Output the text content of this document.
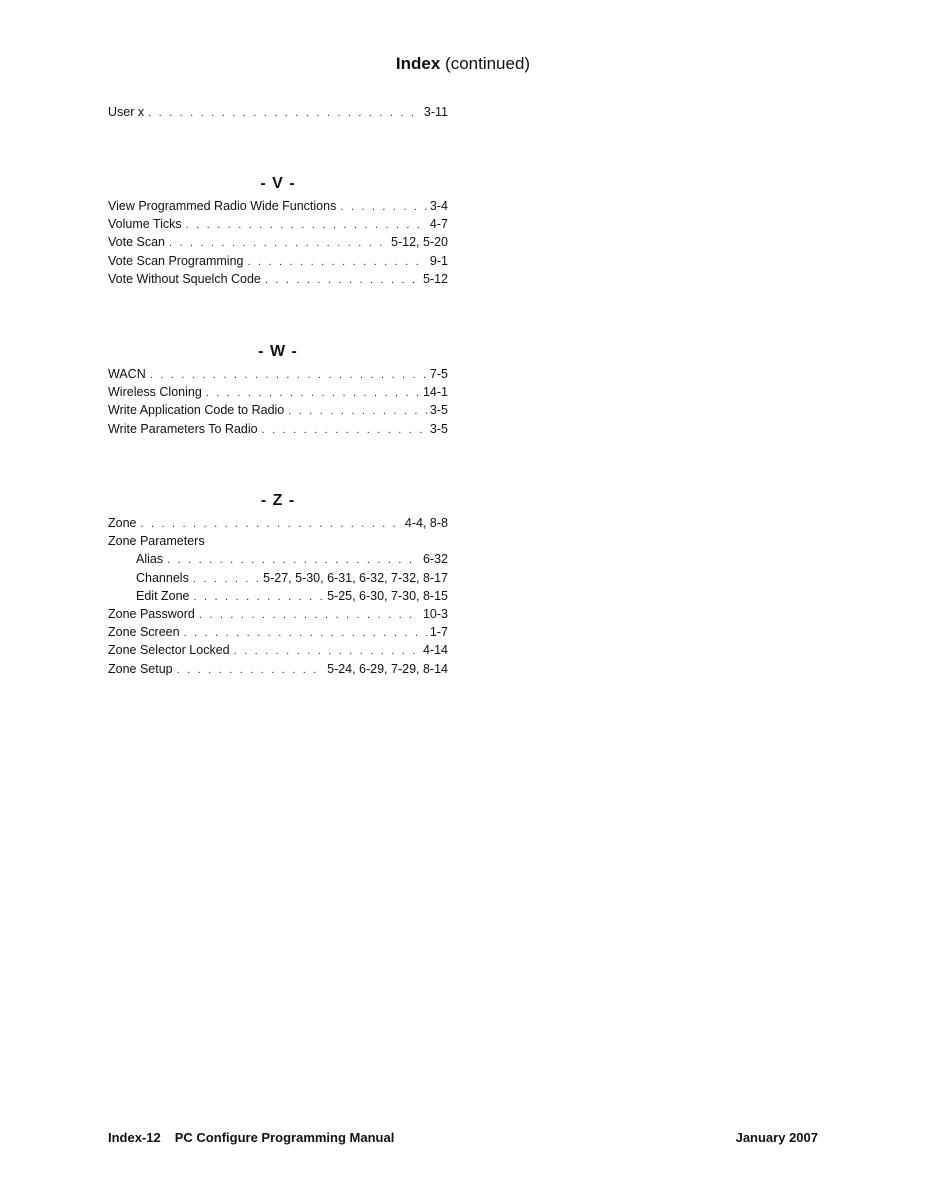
Index (continued)
User x . . .	3-11
- V -
View Programmed Radio Wide Functions . . .	3-4
Volume Ticks . . .	4-7
Vote Scan . . .	5-12, 5-20
Vote Scan Programming . . .	9-1
Vote Without Squelch Code . . .	5-12
- W -
WACN . . .	7-5
Wireless Cloning . . .	14-1
Write Application Code to Radio . . .	3-5
Write Parameters To Radio . . .	3-5
- Z -
Zone . . .	4-4, 8-8
Zone Parameters
Alias . . .	6-32
Channels . . .	5-27, 5-30, 6-31, 6-32, 7-32, 8-17
Edit Zone . . .	5-25, 6-30, 7-30, 8-15
Zone Password . . .	10-3
Zone Screen . . .	1-7
Zone Selector Locked . . .	4-14
Zone Setup . . .	5-24, 6-29, 7-29, 8-14
Index-12 PC Configure Programming Manual	January 2007
